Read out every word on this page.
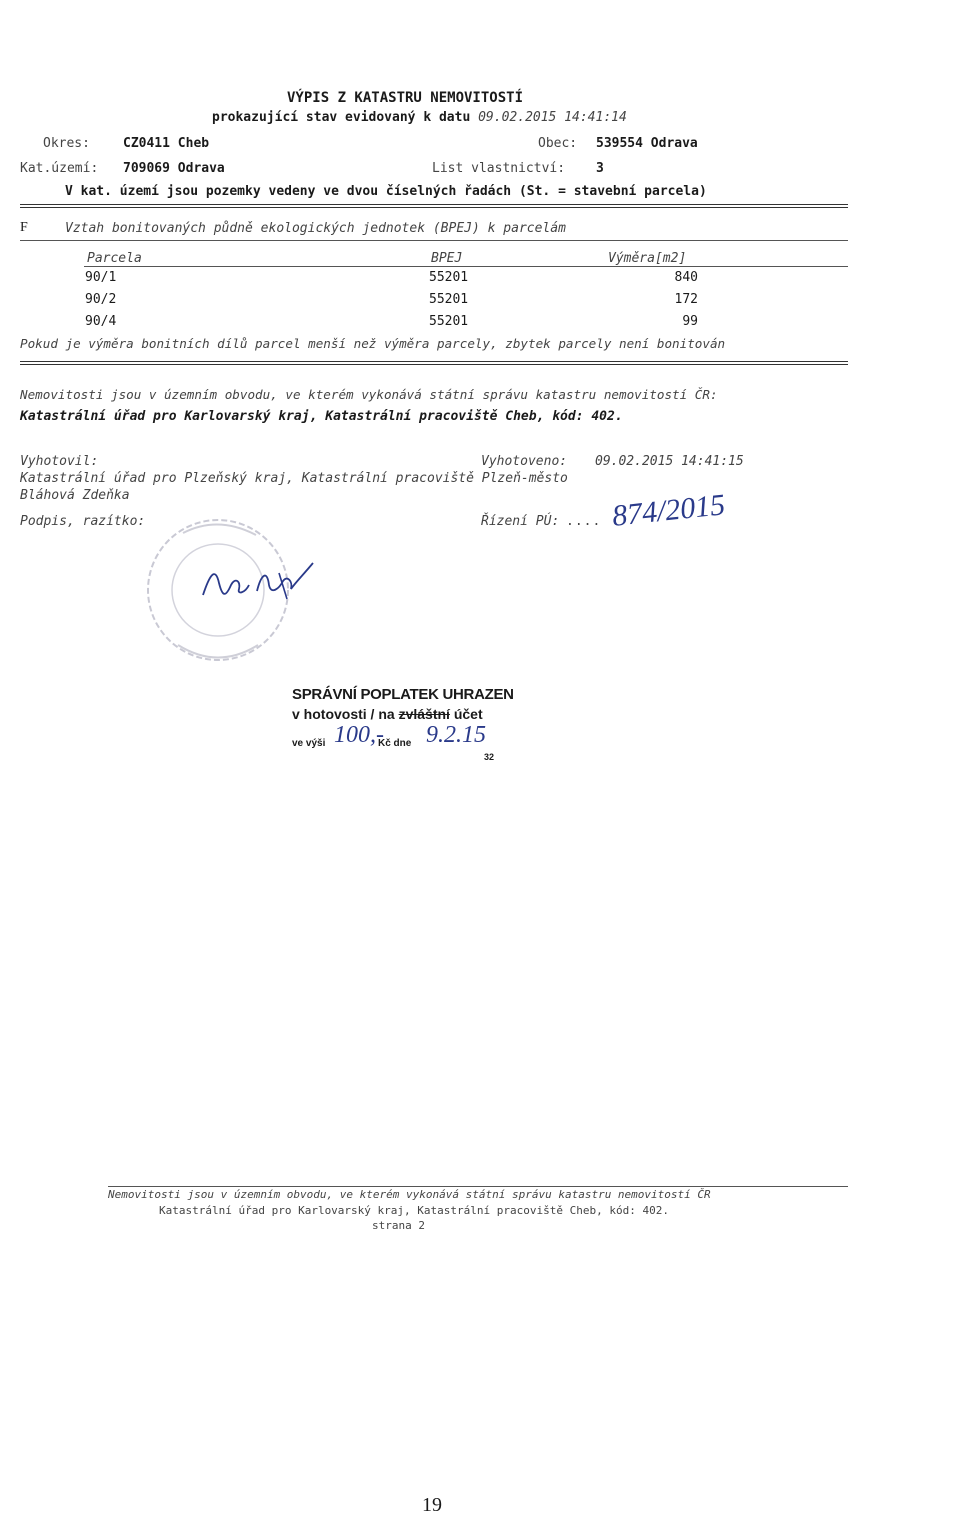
VÝPIS Z KATASTRU NEMOVITOSTÍ
prokazující stav evidovaný k datu 09.02.2015 14:41:14
Okres:	CZ0411 Cheb	Obec: 539554 Odrava
Kat.území: 709069 Odrava	List vlastnictví: 3
V kat. území jsou pozemky vedeny ve dvou číselných řadách (St. = stavební parcela)
F	Vztah bonitovaných půdně ekologických jednotek (BPEJ) k parcelám
Parcela	BPEJ	Výměra[m2]
90/1	55201	840
90/2	55201	172
90/4	55201	99
Pokud je výměra bonitních dílů parcel menší než výměra parcely, zbytek parcely není bonitován
Nemovitosti jsou v územním obvodu, ve kterém vykonává státní správu katastru nemovitostí ČR:
Katastrální úřad pro Karlovarský kraj, Katastrální pracoviště Cheb, kód: 402.
Vyhotovil:	Vyhotoveno: 09.02.2015 14:41:15
Katastrální úřad pro Plzeňský kraj, Katastrální pracoviště Plzeň-město
Bláhová Zdeňka
Podpis, razítko:	Řízení PÚ: .... 874/2015
SPRÁVNÍ POPLATEK UHRAZEN
v hotovosti / na zvláštní účet
ve výši 100,-
Kč dne 9.2.15
32
Nemovitosti jsou v územním obvodu, ve kterém vykonává státní správu katastru nemovitostí ČR
Katastrální úřad pro Karlovarský kraj, Katastrální pracoviště Cheb, kód: 402.
strana 2
19
